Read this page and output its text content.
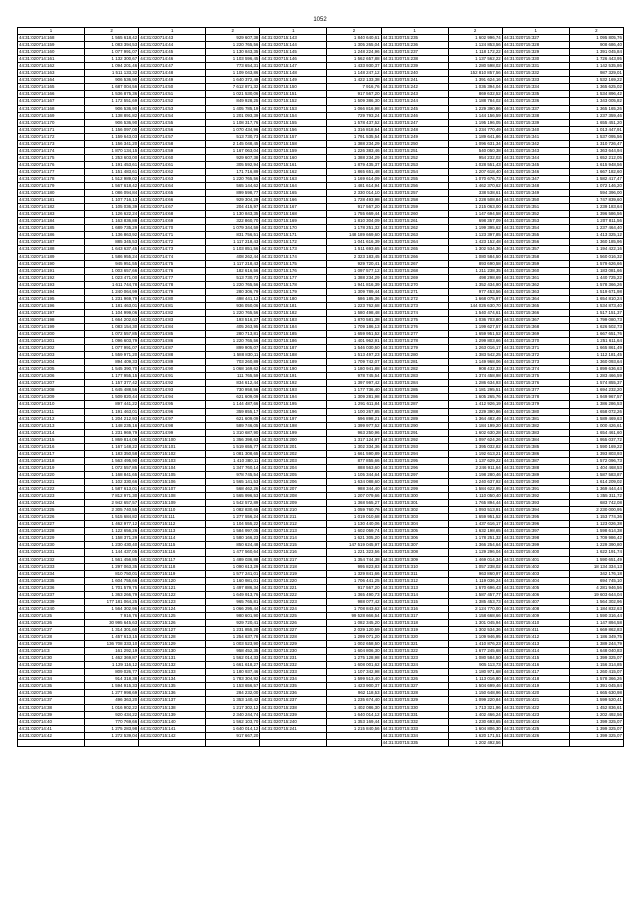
1052
1	2	1	2	1	2	1	2	1	2
44:31:020714:168	1 565 618,42	44:31:020714:43	929 607,38	44:31:020715:143	1 840 640,61	44:31:020715:235	1 602 996,74	44:31:020715:327	1 095 805,76
44:31:020714:159	1 083 394,53	44:31:020714:44	1 220 765,56	44:31:020715:144	1 305 265,04	44:31:020715:236	1 124 853,56	44:31:020715:328	908 686,40
44:31:020714:160	1 077 991,07	44:31:020714:45	1 130 843,35	44:31:020715:145	1 248 224,96	44:31:020715:237	1 118 172,22	44:31:020715:329	1 391 045,84
44:31:020714:161	1 132 300,67	44:31:020714:46	1 103 596,45	44:31:020715:146	1 562 657,88	44:31:020715:238	1 137 562,22	44:31:020715:330	1 726 443,95
44:31:020714:162	1 094 201,46	44:31:020714:47	773 654,31	44:31:020715:147	1 433 930,37	44:31:020715:239	1 280 598,02	44:31:020715:331	1 142 535,86
44:31:020714:163	1 511 133,32	44:31:020714:48	1 109 043,86	44:31:020715:148	1 148 247,12	44:31:020715:240	152 810 857,56	44:31:020715:332	987 329,01
44:31:020714:164	906 536,90	44:31:020714:49	1 640 372,49	44:31:020715:149	1 422 133,38	44:31:020715:241	1 391 624,16	44:31:020715:333	1 532 169,22
44:31:020714:165	1 687 004,56	44:31:020714:50	7 612 871,32	44:31:020715:150	7 916,76	44:31:020715:242	1 036 394,04	44:31:020715:334	1 365 625,02
44:31:020714:166	1 536 875,36	44:31:020714:51	1 021 530,06	44:31:020715:151	917 567,20	44:31:020715:243	869 632,52	44:31:020715:335	1 534 896,42
44:31:020714:167	1 172 551,69	44:31:020714:52	849 928,25	44:31:020715:152	1 509 386,30	44:31:020715:244	1 188 784,02	44:31:020715:336	1 343 005,82
44:31:020714:168	906 536,90	44:31:020714:53	1 405 785,19	44:31:020715:153	1 066 816,98	44:31:020715:245	1 229 390,86	44:31:020715:337	1 365 165,26
44:31:020714:169	1 138 891,82	44:31:020714:54	1 201 093,39	44:31:020715:154	729 793,24	44:31:020715:246	1 144 156,59	44:31:020715:338	1 237 359,46
44:31:020714:170	906 536,90	44:31:020714:55	1 108 317,76	44:31:020715:155	1 578 437,52	44:31:020715:247	1 195 196,05	44:31:020715:339	1 655 451,20
44:31:020714:171	1 156 097,00	44:31:020714:56	1 070 434,96	44:31:020715:156	1 316 818,54	44:31:020715:248	1 234 770,49	44:31:020715:340	1 013 447,91
44:31:020714:172	1 159 643,03	44:31:020714:57	513 730,73	44:31:020715:157	1 791 535,54	44:31:020715:249	1 189 641,86	44:31:020715:341	1 537 095,56
44:31:020714:173	1 156 341,20	44:31:020714:58	2 145 048,45	44:31:020715:158	1 388 234,29	44:31:020715:250	1 096 631,34	44:31:020715:342	1 310 726,47
44:31:020714:174	1 870 134,15	44:31:020714:59	1 167 063,04	44:31:020715:159	1 226 383,46	44:31:020715:251	540 050,38	44:31:020715:343	1 363 644,94
44:31:020714:175	1 253 603,00	44:31:020714:60	929 607,38	44:31:020715:160	1 388 234,29	44:31:020715:252	954 232,02	44:31:020715:344	1 652 212,05
44:31:020714:176	1 191 453,61	44:31:020714:61	305 592,94	44:31:020715:161	1 879 435,37	44:31:020715:253	1 028 551,43	44:31:020715:345	1 615 948,56
44:31:020714:177	1 151 483,61	44:31:020714:62	171 716,89	44:31:020715:162	1 865 651,48	44:31:020715:254	1 207 618,40	44:31:020715:346	1 667 182,60
44:31:020714:178	1 512 989,02	44:31:020714:63	1 220 765,56	44:31:020715:163	1 169 614,09	44:31:020715:255	1 070 676,73	44:31:020715:347	1 582 417,47
44:31:020714:179	1 567 618,42	44:31:020714:64	565 144,62	44:31:020715:164	1 481 614,94	44:31:020715:256	1 462 370,62	44:31:020715:348	1 072 146,20
44:31:020714:180	1 086 094,84	44:31:020714:65	899 598,77	44:31:020715:165	2 330 014,10	44:31:020715:257	338 538,61	44:31:020715:349	594 396,00
44:31:020714:181	1 107 716,13	44:31:020714:66	929 304,29	44:31:020715:166	1 728 493,98	44:31:020715:258	1 228 508,84	44:31:020715:350	1 747 839,60
44:31:020714:182	1 105 036,39	44:31:020714:67	204 415,97	44:31:020715:167	917 567,20	44:31:020715:259	1 215 063,00	44:31:020715:351	1 239 183,64
44:31:020714:183	1 126 622,24	44:31:020714:68	1 130 843,35	44:31:020715:168	1 755 669,44	44:31:020715:260	1 147 694,58	44:31:020715:352	1 396 586,56
44:31:020714:184	1 163 836,88	44:31:020714:69	322 860,70	44:31:020715:169	1 810 304,09	44:31:020715:261	698 357,09	44:31:020715:353	1 207 811,56
44:31:020714:185	1 689 735,29	44:31:020714:70	1 079 344,59	44:31:020715:170	1 178 251,32	44:31:020715:262	1 199 395,62	44:31:020715:354	1 237 464,40
44:31:020714:186	1 136 863,92	44:31:020714:71	831 756,51	44:31:020715:171	148 189 669,60	44:31:020715:263	1 123 397,85	44:31:020715:355	1 413 325,12
44:31:020714:187	885 345,53	44:31:020714:72	1 117 218,43	44:31:020715:172	1 041 616,39	44:31:020715:264	1 423 152,48	44:31:020715:356	1 360 185,96
44:31:020714:188	1 643 637,45	44:31:020714:73	1 103 851,56	44:31:020715:173	1 511 693,65	44:31:020715:265	1 302 534,36	44:31:020715:357	1 194 422,16
44:31:020714:189	1 586 955,24	44:31:020714:74	408 262,44	44:31:020715:174	2 323 183,45	44:31:020715:266	1 080 584,50	44:31:020715:358	1 560 016,32
44:31:020714:190	945 951,55	44:31:020714:75	1 117 218,43	44:31:020715:175	929 720,41	44:31:020715:267	893 690,58	44:31:020715:359	1 579 626,66
44:31:020714:191	1 003 657,66	44:31:020714:76	182 616,56	44:31:020715:176	1 097 577,12	44:31:020715:268	1 211 238,35	44:31:020715:360	1 183 081,66
44:31:020714:192	1 023 471,00	44:31:020714:77	513 730,73	44:31:020715:177	1 388 234,29	44:31:020715:269	498 298,69	44:31:020715:361	1 440 725,22
44:31:020714:193	1 611 744,78	44:31:020714:78	1 220 765,56	44:31:020715:178	1 941 816,39	44:31:020715:270	1 352 434,90	44:31:020715:362	1 578 366,26
44:31:020714:194	1 240 064,99	44:31:020714:79	280 306,79	44:31:020715:179	1 309 789,44	44:31:020715:271	977 453,56	44:31:020715:363	1 519 671,98
44:31:020714:195	1 231 969,79	44:31:020714:80	498 441,12	44:31:020715:180	586 185,36	44:31:020715:272	1 668 075,97	44:31:020715:364	1 654 810,24
44:31:020714:196	1 181 463,01	44:31:020714:81	936 050,06	44:31:020715:181	1 223 762,68	44:31:020715:273	144 026 630,70	44:31:020715:365	1 534 873,40
44:31:020714:197	1 104 999,06	44:31:020714:82	1 220 765,56	44:31:020715:182	1 580 498,48	44:31:020715:274	1 540 474,61	44:31:020715:366	1 517 151,37
44:31:020714:198	1 664 202,63	44:31:020714:83	193 516,27	44:31:020715:183	1 870 581,38	44:31:020715:275	1 036 703,80	44:31:020715:367	1 799 080,73
44:31:020714:199	1 083 154,30	44:31:020714:84	405 263,95	44:31:020715:184	1 709 186,13	44:31:020715:276	1 199 627,57	44:31:020715:368	1 626 502,73
44:31:020714:200	1 072 557,85	44:31:020714:85	280 713,81	44:31:020715:185	1 659 951,52	44:31:020715:277	1 659 951,52	44:31:020715:369	1 667 651,76
44:31:020714:201	1 096 603,79	44:31:020714:86	1 220 765,56	44:31:020715:186	1 401 962,91	44:31:020715:278	1 299 803,66	44:31:020715:370	1 251 611,64
44:31:020714:202	1 077 991,07	44:31:020714:87	899 905,07	44:31:020715:187	1 546 030,50	44:31:020715:279	1 263 016,17	44:31:020715:371	1 665 861,49
44:31:020714:203	1 559 971,20	44:31:020714:88	1 588 830,11	44:31:020715:188	1 513 497,23	44:31:020715:280	1 383 542,25	44:31:020715:372	1 112 181,45
44:31:020714:204	894 409,33	44:31:020714:89	703 260,89	44:31:020715:189	1 709 742,07	44:31:020715:281	1 149 968,06	44:31:020715:373	1 360 093,64
44:31:020714:205	1 545 390,70	44:31:020714:90	1 068 169,62	44:31:020715:190	1 180 941,88	44:31:020715:282	908 432,33	44:31:020715:374	1 899 636,63
44:31:020714:206	1 177 955,15	44:31:020714:91	111 765,59	44:31:020715:191	978 745,54	44:31:020715:283	1 374 458,98	44:31:020715:375	1 283 466,59
44:31:020714:207	1 157 377,42	44:31:020714:92	834 612,44	44:31:020715:192	1 397 997,42	44:31:020715:284	1 286 634,93	44:31:020715:376	1 574 855,37
44:31:020714:208	1 645 488,56	44:31:020714:93	730 958,56	44:31:020715:193	1 177 736,40	44:31:020715:285	1 181 295,51	44:31:020715:377	1 694 232,20
44:31:020714:209	1 509 820,44	44:31:020714:94	621 609,09	44:31:020715:194	1 309 281,98	44:31:020715:286	1 605 265,76	44:31:020715:378	1 949 967,57
44:31:020714:210	897 441,22	44:31:020714:95	1 144 487,66	44:31:020715:195	1 291 611,84	44:31:020715:287	1 412 926,19	44:31:020715:379	1 386 286,53
44:31:020714:211	1 191 463,01	44:31:020714:96	359 855,17	44:31:020715:196	1 100 267,85	44:31:020715:288	1 229 390,86	44:31:020715:380	1 658 072,26
44:31:020714:212	1 204 212,93	44:31:020714:97	621 609,09	44:31:020715:197	596 898,21	44:31:020715:289	1 364 482,49	44:31:020715:381	1 589 469,63
44:31:020714:213	1 148 235,16	44:31:020714:98	589 746,05	44:31:020715:198	1 399 977,52	44:31:020715:290	1 184 199,20	44:31:020715:382	1 000 426,61
44:31:020714:214	1 231 969,79	44:31:020714:99	1 310 687,90	44:31:020715:199	963 250,96	44:31:020715:291	1 602 630,28	44:31:020715:383	1 654 461,60
44:31:020714:215	1 869 814,08	44:31:020715:100	1 356 398,63	44:31:020715:200	1 317 124,97	44:31:020715:292	1 097 624,26	44:31:020715:384	1 955 037,72
44:31:020714:216	1 167 148,22	44:31:020715:101	1 519 655,77	44:31:020715:201	1 302 334,36	44:31:020715:293	1 395 032,82	44:31:020715:385	1 590 169,22
44:31:020714:217	1 183 350,58	44:31:020715:102	1 081 308,65	44:31:020715:202	1 661 590,89	44:31:020715:294	1 192 613,21	44:31:020715:386	1 393 803,93
44:31:020714:218	1 563 495,90	44:31:020715:103	1 410 380,11	44:31:020715:203	877 855,66	44:31:020715:295	1 137 629,22	44:31:020715:387	1 572 096,73
44:31:020714:219	1 072 557,85	44:31:020715:104	1 347 760,14	44:31:020715:204	888 563,60	44:31:020715:296	2 246 911,64	44:31:020715:388	1 404 468,53
44:31:020714:220	1 168 841,65	44:31:020715:105	978 745,54	44:31:020715:205	1 105 344,64	44:31:020715:297	1 198 280,46	44:31:020715:389	1 587 583,87
44:31:020714:221	1 102 330,66	44:31:020715:106	1 565 141,53	44:31:020715:206	1 634 088,60	44:31:020715:298	1 240 637,92	44:31:020715:390	1 614 209,02
44:31:020714:222	1 587 613,01	44:31:020715:107	568 462,26	44:31:020715:207	988 344,40	44:31:020715:299	1 584 622,95	44:31:020715:391	1 369 444,44
44:31:020714:223	7 812 971,30	44:31:020715:108	1 565 996,53	44:31:020715:208	1 207 079,66	44:31:020715:300	1 110 050,40	44:31:020715:392	1 355 311,72
44:31:020714:224	2 942 657,57	44:31:020715:109	1 542 572,89	44:31:020715:209	1 368 565,27	44:31:020715:301	1 765 894,44	44:31:020715:393	683 742,08
44:31:020714:225	2 305 740,55	44:31:020715:110	1 082 830,65	44:31:020715:210	1 059 760,76	44:31:020715:302	1 093 513,91	44:31:020715:394	2 230 000,95
44:31:020714:226	1 515 684,82	44:31:020715:111	1 277 556,24	44:31:020715:211	1 019 010,68	44:31:020715:303	1 659 951,52	44:31:020715:395	1 153 774,36
44:31:020714:227	1 462 977,12	44:31:020715:112	1 104 555,22	44:31:020715:212	1 130 440,06	44:31:020715:304	1 437 616,17	44:31:020715:396	1 123 026,38
44:31:020714:228	1 122 656,26	44:31:020715:113	1 584 997,05	44:31:020715:213	1 602 059,74	44:31:020715:305	1 632 198,65	44:31:020715:397	1 598 614,38
44:31:020714:229	1 158 371,29	44:31:020715:114	1 580 166,23	44:31:020715:214	1 621 305,20	44:31:020715:306	1 178 251,32	44:31:020715:398	1 709 986,42
44:31:020714:230	1 230 430,40	44:31:020715:115	850 624,48	44:31:020715:215	147 519 045,97	44:31:020715:307	1 366 254,64	44:31:020715:399	1 229 390,80
44:31:020714:231	1 144 437,05	44:31:020715:116	1 477 560,64	44:31:020715:216	1 221 323,56	44:31:020715:308	1 129 296,04	44:31:020715:400	1 622 191,74
44:31:020714:232	1 561 456,85	44:31:020715:117	1 489 036,88	44:31:020715:217	1 354 744,38	44:31:020715:309	1 469 014,34	44:31:020715:401	1 590 651,49
44:31:020714:233	1 297 063,35	44:31:020715:118	1 090 613,29	44:31:020715:218	995 823,83	44:31:020715:310	1 057 238,02	44:31:020715:402	18 134 334,13
44:31:020714:234	810 750,01	44:31:020715:119	1 577 241,01	44:31:020715:219	1 329 841,66	44:31:020715:311	963 860,97	44:31:020715:403	342 176,18
44:31:020714:235	1 604 755,66	44:31:020715:120	1 160 981,01	44:31:020715:220	1 706 441,25	44:31:020715:312	1 119 036,24	44:31:020715:404	694 745,10
44:31:020714:236	1 701 579,75	44:31:020715:121	1 497 886,34	44:31:020715:221	917 567,20	44:31:020715:313	1 670 696,43	44:31:020715:405	4 281 946,56
44:31:020714:237	1 363 266,79	44:31:020715:122	1 649 913,76	44:31:020715:222	1 365 490,73	44:31:020715:314	1 587 457,77	44:31:020715:406	19 603 644,04
44:31:020714:239	177 181 064,25	44:31:020715:123	965 765,81	44:31:020715:223	988 077,42	44:31:020715:315	1 385 453,73	44:31:020715:407	1 564 302,96
44:31:020714:240	1 564 302,96	44:31:020715:124	1 066 295,44	44:31:020715:224	1 708 843,62	44:31:020715:316	2 124 770,00	44:31:020715:408	1 184 832,63
44:31:020714:25	7 916,76	44:31:020715:125	980 601,90	44:31:020715:225	99 528 666,54	44:31:020715:317	1 158 668,66	44:31:020715:409	1 590 316,44
44:31:020714:26	30 995 645,63	44:31:020715:126	929 720,41	44:31:020715:226	1 082 345,20	44:31:020715:318	1 301 045,94	44:31:020715:410	1 147 894,58
44:31:020714:27	1 314 301,60	44:31:020715:127	1 231 855,20	44:31:020715:227	2 029 120,59	44:31:020715:319	1 302 534,36	44:31:020715:411	1 669 862,83
44:31:020714:28	1 457 613,15	44:31:020715:128	1 254 637,78	44:31:020715:228	1 299 071,20	44:31:020715:320	1 109 946,95	44:31:020715:412	1 186 349,75
44:31:020714:29	136 708 333,10	44:31:020715:129	1 003 523,90	44:31:020715:229	1 002 658,50	44:31:020715:321	1 410 876,23	44:31:020715:413	1 389 244,79
44:31:020714:3	161 292,19	44:31:020715:130	958 452,35	44:31:020715:230	1 604 806,30	44:31:020715:322	1 677 245,68	44:31:020715:414	1 648 040,83
44:31:020714:30	1 462 369,87	44:31:020715:131	1 562 014,33	44:31:020715:231	1 275 128,98	44:31:020715:323	1 080 584,50	44:31:020715:415	1 399 325,07
44:31:020714:32	1 129 116,12	44:31:020715:132	1 661 618,27	44:31:020715:232	1 608 001,62	44:31:020715:324	905 113,73	44:31:020715:416	1 156 314,85
44:31:020714:33	809 026,77	44:31:020715:133	1 180 937,46	44:31:020715:233	1 107 342,98	44:31:020715:325	1 180 971,68	44:31:020715:417	1 260 415,07
44:31:020714:34	914 318,38	44:31:020715:134	1 783 304,92	44:31:020715:234	1 599 513,40	44:31:020715:326	1 113 016,80	44:31:020715:418	1 578 366,26
44:31:020714:35	1 594 915,33	44:31:020715:135	1 153 656,57	44:31:020715:235	1 423 900,37	44:31:020715:327	1 504 699,46	44:31:020715:419	1 391 045,84
44:31:020714:36	1 277 998,69	44:31:020715:136	284 232,00	44:31:020715:236	962 118,53	44:31:020715:328	1 150 648,96	44:31:020715:420	1 665 630,98
44:31:020714:37	496 363,20	44:31:020715:137	1 353 140,42	44:31:020715:237	1 235 674,40	44:31:020715:329	1 099 220,84	44:31:020715:421	1 599 520,41
44:31:020714:38	1 016 902,22	44:31:020715:138	1 217 302,12	44:31:020715:238	1 402 086,30	44:31:020715:330	1 713 321,96	44:31:020715:422	1 452 836,61
44:31:020714:39	920 434,22	44:31:020715:139	2 340 244,74	44:31:020715:239	1 640 014,12	44:31:020715:331	1 402 466,24	44:31:020715:423	1 202 492,56
44:31:020714:40	770 769,66	44:31:020715:140	1 562 103,70	44:31:020715:240	1 353 169,44	44:31:020715:332	1 230 693,65	44:31:020715:424	1 399 325,07
44:31:020714:41	1 275 283,98	44:31:020715:141	1 640 014,12	44:31:020715:241	1 215 840,56	44:31:020715:333	1 604 806,30	44:31:020715:425	1 399 325,07
44:31:020714:42	1 272 539,04	44:31:020715:142	917 667,20			44:31:020715:334	1 620 171,51	44:31:020715:426	1 399 325,07
						44:31:020715:335	1 202 492,56		
